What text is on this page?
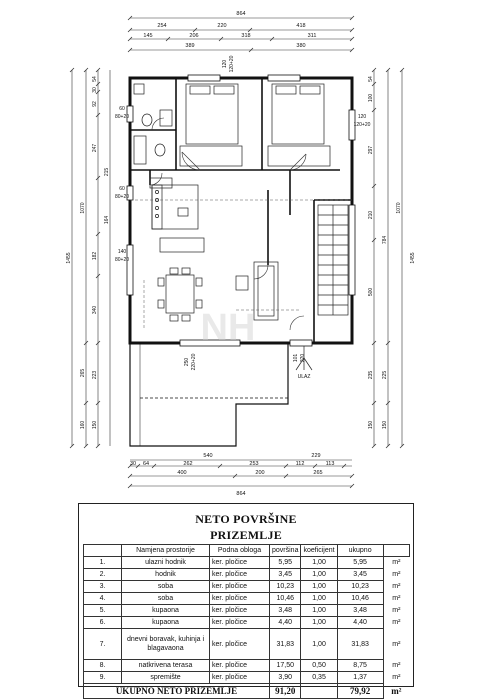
NH
864
254	220	418
145	206	318	311
389	380
540
30 64	262	253	112	113
229
400	200	265
864
1455
1070
265
160
54
30
92
247
215
164
182
340
223
150
54
100
297
210
784
500
235
150
1070
225
150
1455
60
80+20
60
80+20
140
80+20
120 120+20
120
120+20
250 220+20	101 220
ULAZ
NETO POVRŠINE
PRIZEMLJE
	Namjena prostorije	Podna obloga	površina	koeficijent	ukupno	
1.	ulazni hodnik	ker. pločice	5,95	1,00	5,95	m²
2.	hodnik	ker. pločice	3,45	1,00	3,45	m²
3.	soba	ker. pločice	10,23	1,00	10,23	m²
4.	soba	ker. pločice	10,46	1,00	10,46	m²
5.	kupaona	ker. pločice	3,48	1,00	3,48	m²
6.	kupaona	ker. pločice	4,40	1,00	4,40	m²
7.	dnevni boravak, kuhinja i blagavaona	ker. pločice	31,83	1,00	31,83	m²
8.	natkrivena terasa	ker. pločice	17,50	0,50	8,75	m²
9.	spremište	ker. pločice	3,90	0,35	1,37	m²
UKUPNO NETO PRIZEMLJE			91,20		79,92	m²
